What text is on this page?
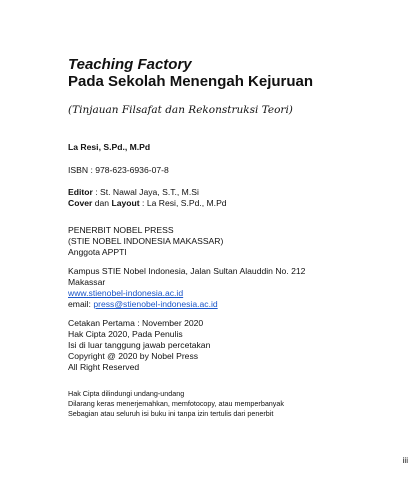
Teaching Factory
Pada Sekolah Menengah Kejuruan
(Tinjauan Filsafat dan Rekonstruksi Teori)
La Resi, S.Pd., M.Pd
ISBN : 978-623-6936-07-8
Editor : St. Nawal Jaya, S.T., M.Si
Cover dan Layout : La Resi, S.Pd., M.Pd
PENERBIT NOBEL PRESS
(STIE NOBEL INDONESIA MAKASSAR)
Anggota APPTI
Kampus STIE Nobel Indonesia, Jalan Sultan Alauddin No. 212
Makassar
www.stienobel-indonesia.ac.id
email: press@stienobel-indonesia.ac.id
Cetakan Pertama : November 2020
Hak Cipta 2020, Pada Penulis
Isi di luar tanggung jawab percetakan
Copyright @ 2020 by Nobel Press
All Right Reserved
Hak Cipta dilindungi undang-undang
Dilarang keras menerjemahkan, memfotocopy, atau memperbanyak
Sebagian atau seluruh isi buku ini tanpa izin tertulis dari penerbit
iii
